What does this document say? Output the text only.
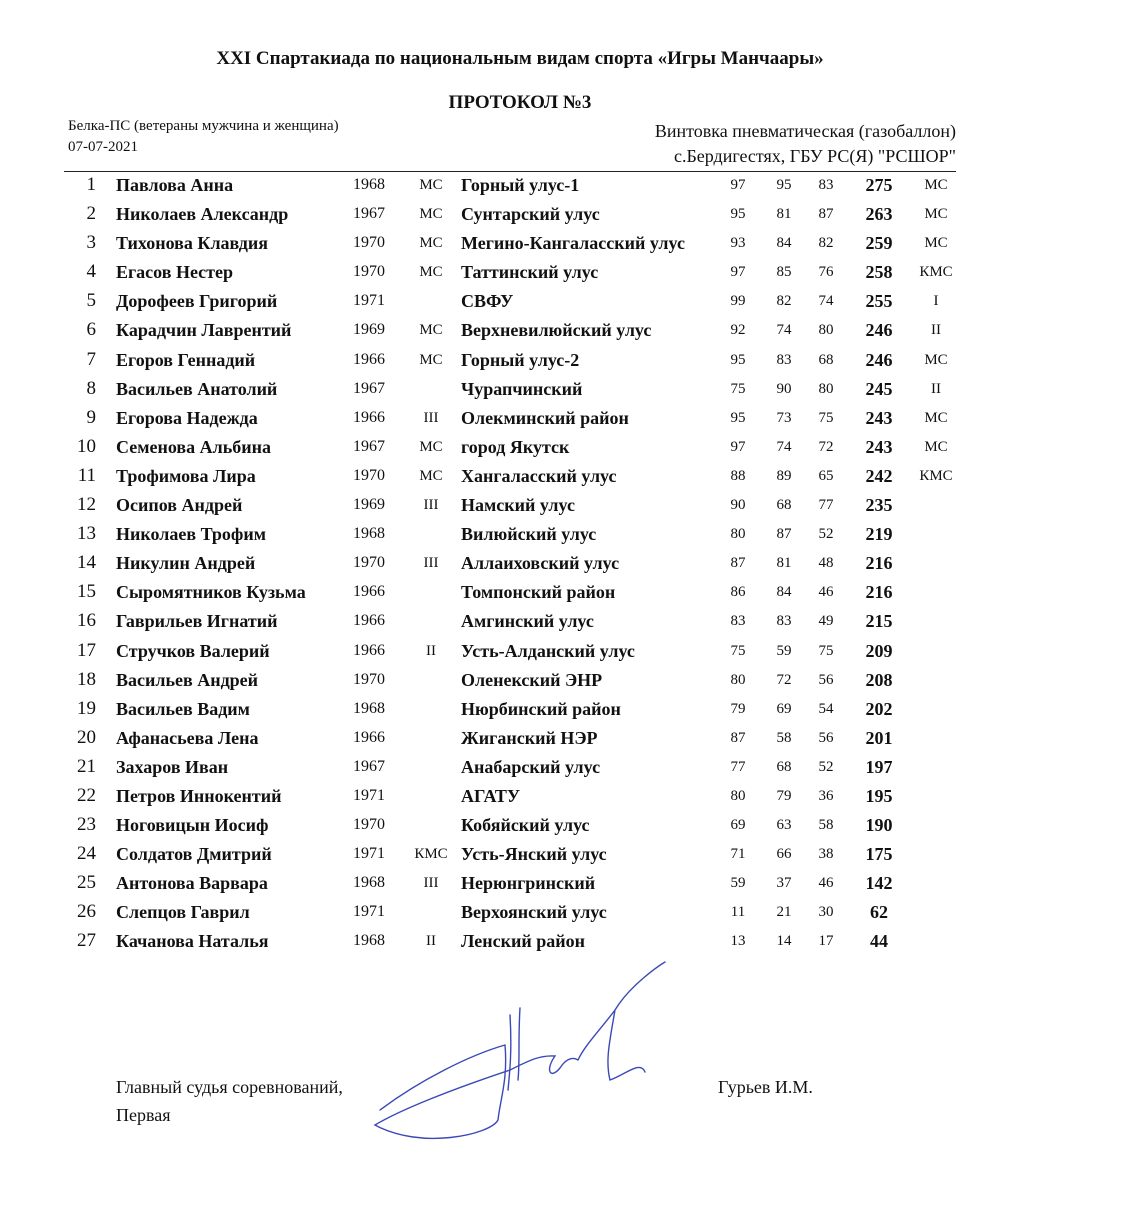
XXI Спартакиада по национальным видам спорта «Игры Манчаары»
ПРОТОКОЛ №3
Белка-ПС (ветераны мужчина и женщина)
07-07-2021
Винтовка пневматическая (газобаллон)
с.Бердигестях, ГБУ РС(Я) "РСШОР"
1 Павлова Анна	1968	МС	Горный улус-1	97	95	83	275	МС
2 Николаев Александр	1967	МС	Сунтарский улус	95	81	87	263	МС
3 Тихонова Клавдия	1970	МС	Мегино-Кангаласский улус	93	84	82	259	МС
4 Егасов Нестер	1970	МС	Таттинский улус	97	85	76	258	КМС
5 Дорофеев Григорий	1971	СВФУ	99	82	74	255	I
6 Карадчин Лаврентий	1969	МС	Верхневилюйский улус	92	74	80	246	II
7 Егоров Геннадий	1966	МС	Горный улус-2	95	83	68	246	МС
8 Васильев Анатолий	1967	Чурапчинский	75	90	80	245	II
9 Егорова Надежда	1966	III	Олекминский район	95	73	75	243	МС
10 Семенова Альбина	1967	МС	город Якутск	97	74	72	243	МС
11 Трофимова Лира	1970	МС	Хангаласский улус	88	89	65	242	КМС
12 Осипов Андрей	1969	III	Намский улус	90	68	77	235
13 Николаев Трофим	1968	Вилюйский улус	80	87	52	219
14 Никулин Андрей	1970	III	Аллаиховский улус	87	81	48	216
15 Сыромятников Кузьма	1966	Томпонский район	86	84	46	216
16 Гаврильев Игнатий	1966	Амгинский улус	83	83	49	215
17 Стручков Валерий	1966	II	Усть-Алданский улус	75	59	75	209
18 Васильев Андрей	1970	Оленекский ЭНР	80	72	56	208
19 Васильев Вадим	1968	Нюрбинский район	79	69	54	202
20 Афанасьева Лена	1966	Жиганский НЭР	87	58	56	201
21 Захаров Иван	1967	Анабарский улус	77	68	52	197
22 Петров Иннокентий	1971	АГАТУ	80	79	36	195
23 Ноговицын Иосиф	1970	Кобяйский улус	69	63	58	190
24 Солдатов Дмитрий	1971 КМС Усть-Янский улус	71	66	38	175
25 Антонова Варвара	1968	III	Нерюнгринский	59	37	46	142
26 Слепцов Гаврил	1971	Верхоянский улус	11	21	30	62
27 Качанова Наталья	1968	II	Ленский район	13	14	17	44
Главный судья соревнований,
Первая
Гурьев И.М.
